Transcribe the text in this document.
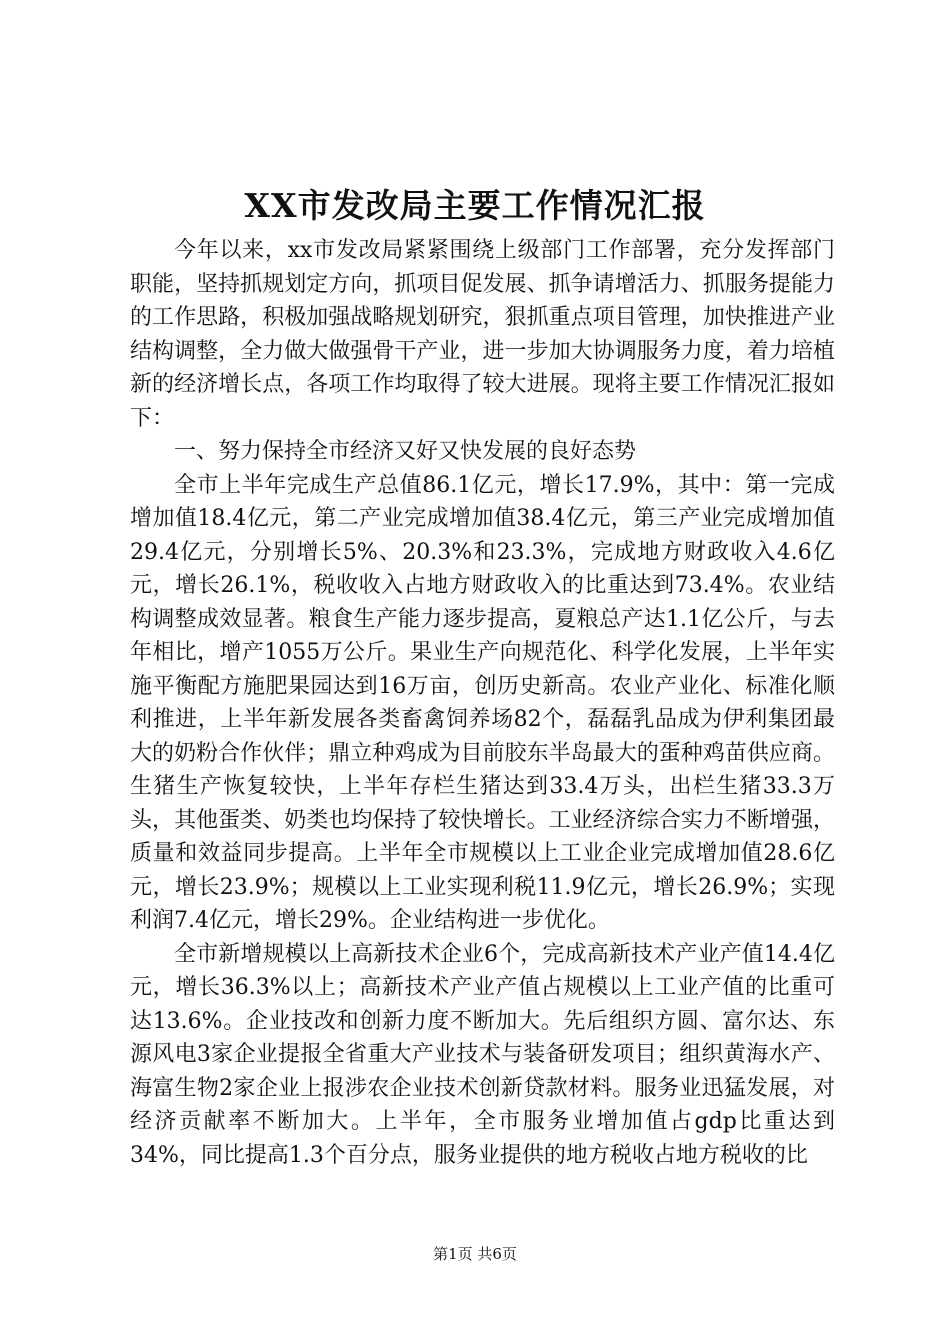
XX市发改局主要工作情况汇报

今年以来，xx市发改局紧紧围绕上级部门工作部署，充分发挥部门职能，坚持抓规划定方向，抓项目促发展、抓争请增活力、抓服务提能力的工作思路，积极加强战略规划研究，狠抓重点项目管理，加快推进产业结构调整，全力做大做强骨干产业，进一步加大协调服务力度，着力培植新的经济增长点，各项工作均取得了较大进展。现将主要工作情况汇报如下：

一、努力保持全市经济又好又快发展的良好态势

全市上半年完成生产总值86.1亿元，增长17.9%，其中：第一完成增加值18.4亿元，第二产业完成增加值38.4亿元，第三产业完成增加值29.4亿元，分别增长5%、20.3%和23.3%，完成地方财政收入4.6亿元，增长26.1%，税收收入占地方财政收入的比重达到73.4%。农业结构调整成效显著。粮食生产能力逐步提高，夏粮总产达1.1亿公斤，与去年相比，增产1055万公斤。果业生产向规范化、科学化发展，上半年实施平衡配方施肥果园达到16万亩，创历史新高。农业产业化、标准化顺利推进，上半年新发展各类畜禽饲养场82个，磊磊乳品成为伊利集团最大的奶粉合作伙伴；鼎立种鸡成为目前胶东半岛最大的蛋种鸡苗供应商。生猪生产恢复较快，上半年存栏生猪达到33.4万头，出栏生猪33.3万头，其他蛋类、奶类也均保持了较快增长。工业经济综合实力不断增强，质量和效益同步提高。上半年全市规模以上工业企业完成增加值28.6亿元，增长23.9%；规模以上工业实现利税11.9亿元，增长26.9%；实现利润7.4亿元，增长29%。企业结构进一步优化。

全市新增规模以上高新技术企业6个，完成高新技术产业产值14.4亿元，增长36.3%以上；高新技术产业产值占规模以上工业产值的比重可达13.6%。企业技改和创新力度不断加大。先后组织方圆、富尔达、东源风电3家企业提报全省重大产业技术与装备研发项目；组织黄海水产、海富生物2家企业上报涉农企业技术创新贷款材料。服务业迅猛发展，对经济贡献率不断加大。上半年，全市服务业增加值占gdp比重达到34%，同比提高1.3个百分点，服务业提供的地方税收占地方税收的比

第1页 共6页
